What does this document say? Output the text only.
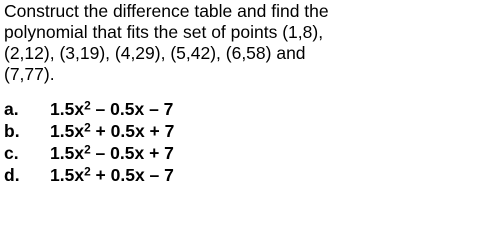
Construct the difference table and find the
polynomial that fits the set of points (1,8),
(2,12), (3,19), (4,29), (5,42), (6,58) and
(7,77).
a. $1.5x^2 - 0.5x - 7$
b. $1.5x^2 + 0.5x + 7$
c. $1.5x^2 - 0.5x + 7$
d. $1.5x^2 + 0.5x - 7$
